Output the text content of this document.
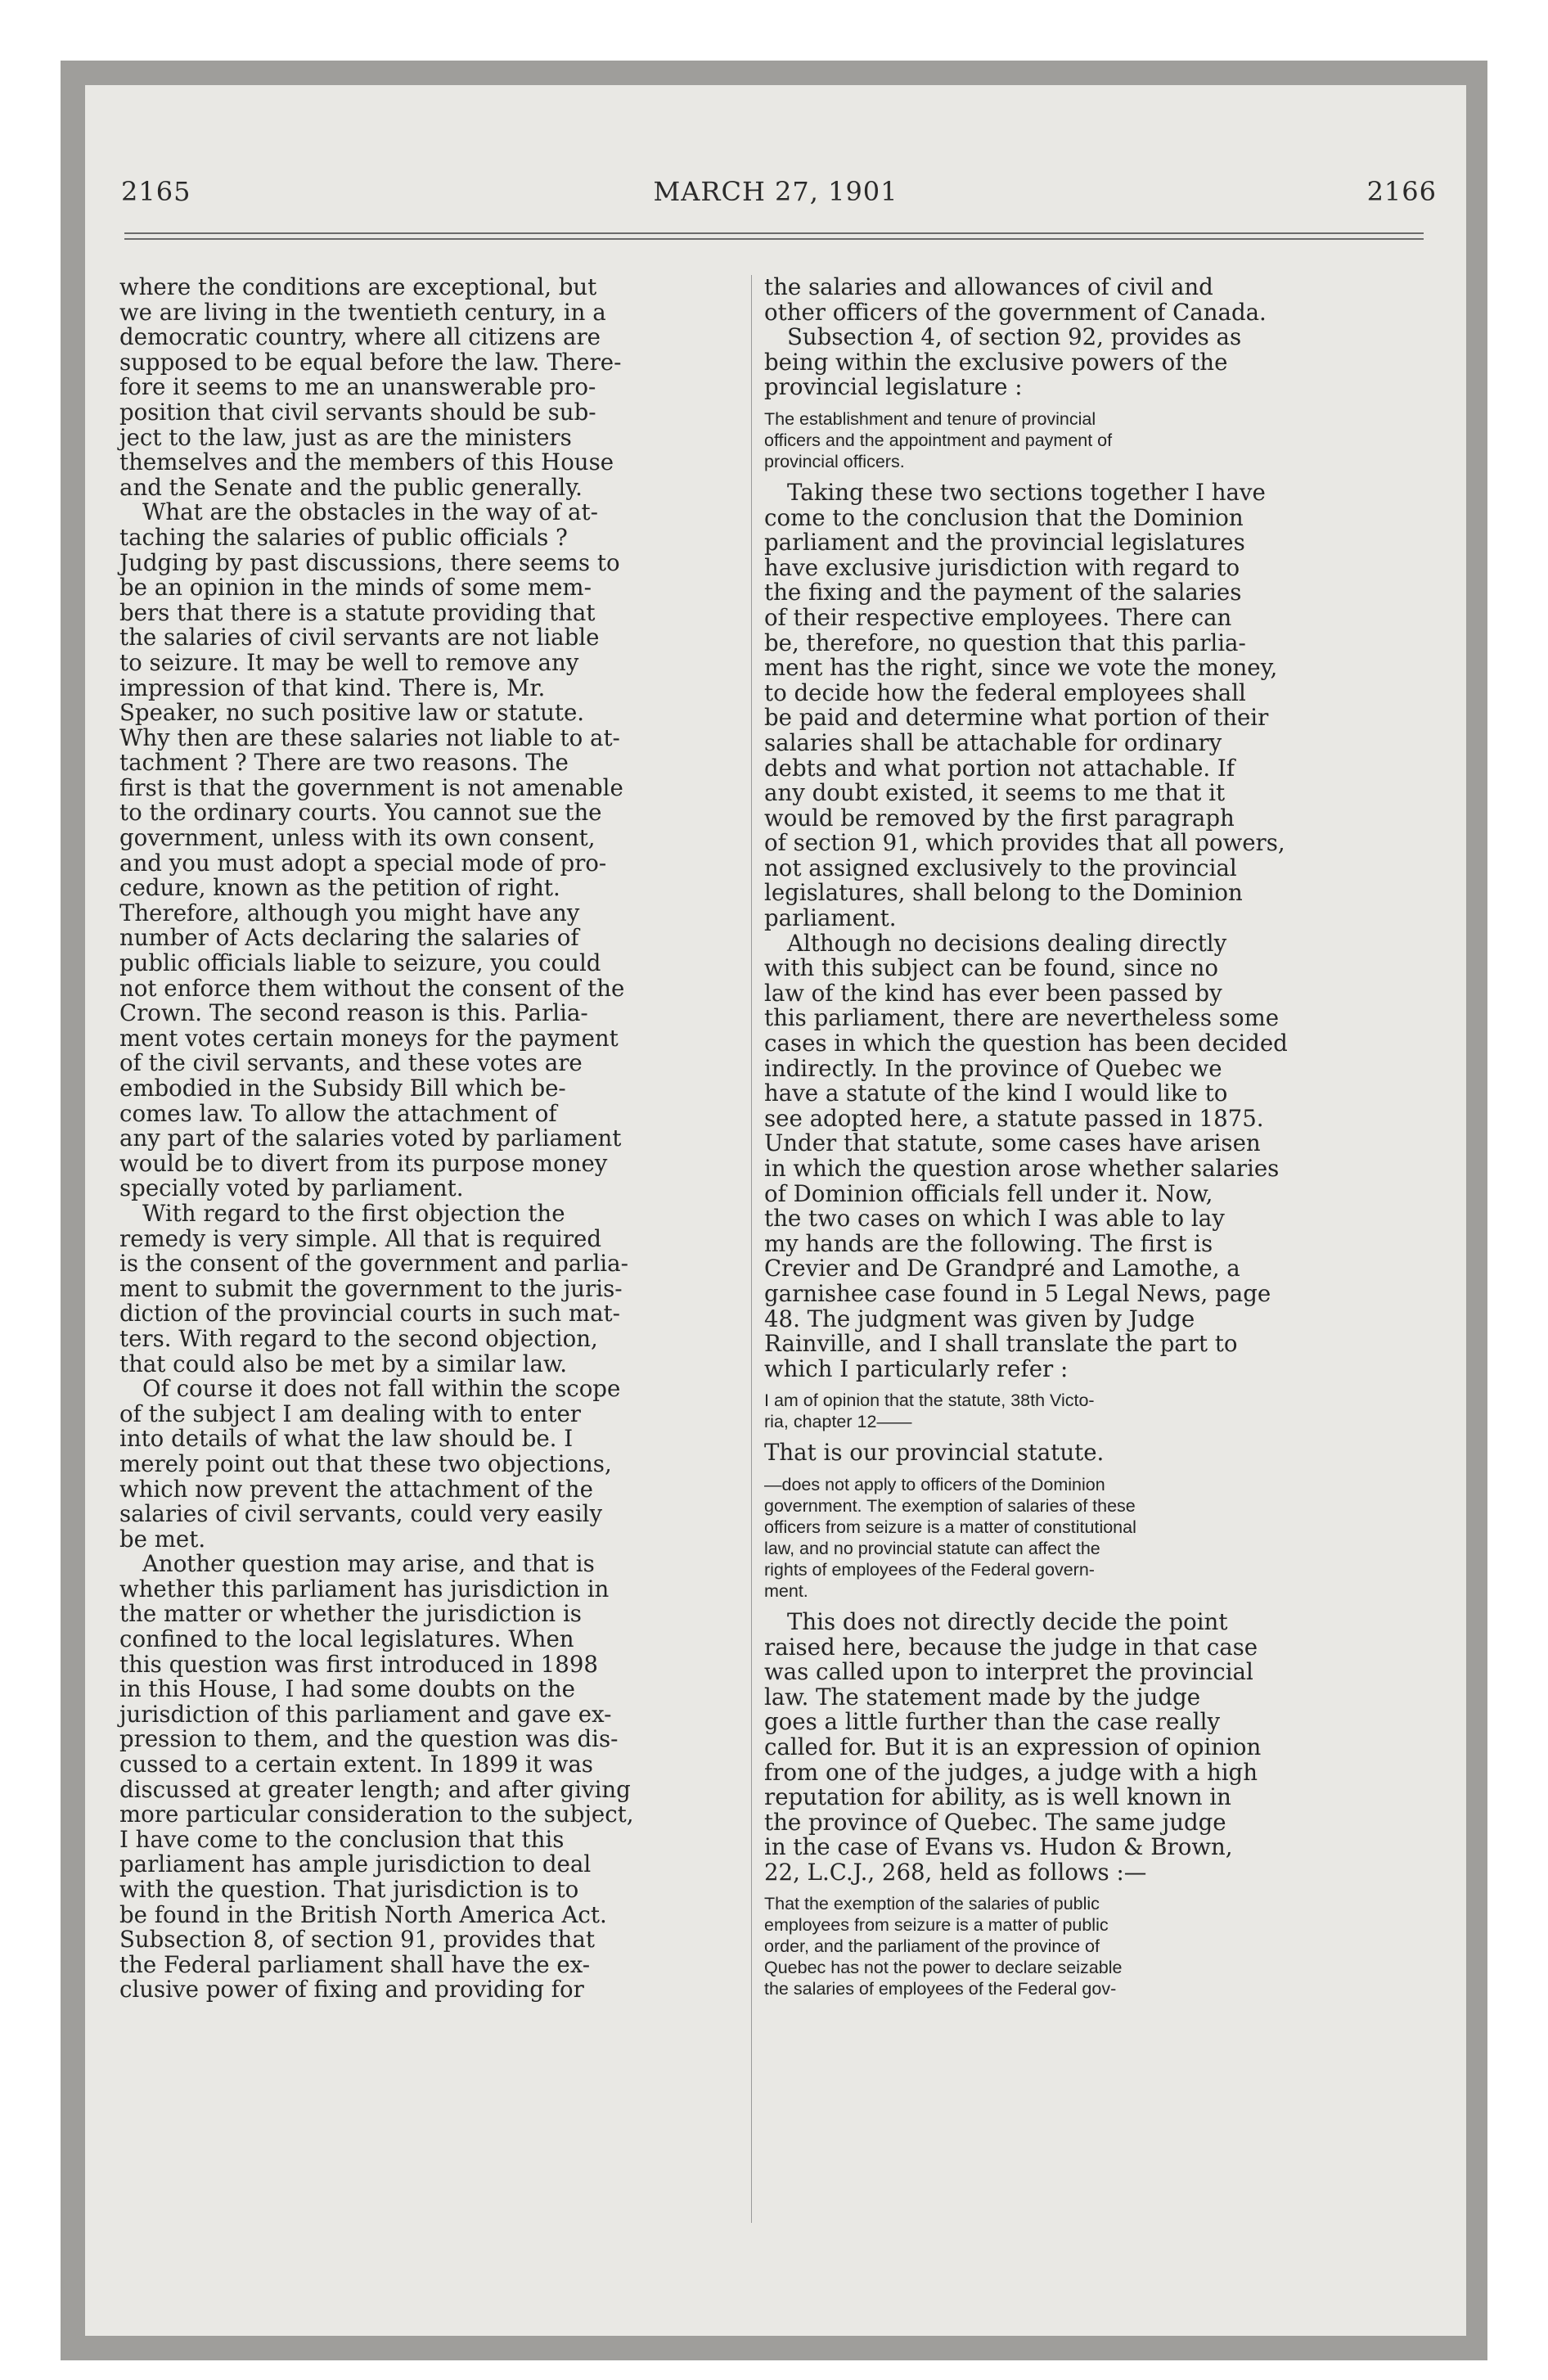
2165	MARCH 27, 1901	2166

where the conditions are exceptional, but
we are living in the twentieth century, in a
democratic country, where all citizens are
supposed to be equal before the law. There-
fore it seems to me an unanswerable pro-
position that civil servants should be sub-
ject to the law, just as are the ministers
themselves and the members of this House
and the Senate and the public generally.

What are the obstacles in the way of at-
taching the salaries of public officials ?
Judging by past discussions, there seems to
be an opinion in the minds of some mem-
bers that there is a statute providing that
the salaries of civil servants are not liable
to seizure. It may be well to remove any
impression of that kind. There is, Mr.
Speaker, no such positive law or statute.
Why then are these salaries not liable to at-
tachment ? There are two reasons. The
first is that the government is not amenable
to the ordinary courts. You cannot sue the
government, unless with its own consent,
and you must adopt a special mode of pro-
cedure, known as the petition of right.
Therefore, although you might have any
number of Acts declaring the salaries of
public officials liable to seizure, you could
not enforce them without the consent of the
Crown. The second reason is this. Parlia-
ment votes certain moneys for the payment
of the civil servants, and these votes are
embodied in the Subsidy Bill which be-
comes law. To allow the attachment of
any part of the salaries voted by parliament
would be to divert from its purpose money
specially voted by parliament.

With regard to the first objection the
remedy is very simple. All that is required
is the consent of the government and parlia-
ment to submit the government to the juris-
diction of the provincial courts in such mat-
ters. With regard to the second objection,
that could also be met by a similar law.

Of course it does not fall within the scope
of the subject I am dealing with to enter
into details of what the law should be. I
merely point out that these two objections,
which now prevent the attachment of the
salaries of civil servants, could very easily
be met.

Another question may arise, and that is
whether this parliament has jurisdiction in
the matter or whether the jurisdiction is
confined to the local legislatures. When
this question was first introduced in 1898
in this House, I had some doubts on the
jurisdiction of this parliament and gave ex-
pression to them, and the question was dis-
cussed to a certain extent. In 1899 it was
discussed at greater length; and after giving
more particular consideration to the subject,
I have come to the conclusion that this
parliament has ample jurisdiction to deal
with the question. That jurisdiction is to
be found in the British North America Act.
Subsection 8, of section 91, provides that
the Federal parliament shall have the ex-
clusive power of fixing and providing for

the salaries and allowances of civil and
other officers of the government of Canada.

Subsection 4, of section 92, provides as
being within the exclusive powers of the
provincial legislature :

The establishment and tenure of provincial
officers and the appointment and payment of
provincial officers.

Taking these two sections together I have
come to the conclusion that the Dominion
parliament and the provincial legislatures
have exclusive jurisdiction with regard to
the fixing and the payment of the salaries
of their respective employees. There can
be, therefore, no question that this parlia-
ment has the right, since we vote the money,
to decide how the federal employees shall
be paid and determine what portion of their
salaries shall be attachable for ordinary
debts and what portion not attachable. If
any doubt existed, it seems to me that it
would be removed by the first paragraph
of section 91, which provides that all powers,
not assigned exclusively to the provincial
legislatures, shall belong to the Dominion
parliament.

Although no decisions dealing directly
with this subject can be found, since no
law of the kind has ever been passed by
this parliament, there are nevertheless some
cases in which the question has been decided
indirectly. In the province of Quebec we
have a statute of the kind I would like to
see adopted here, a statute passed in 1875.
Under that statute, some cases have arisen
in which the question arose whether salaries
of Dominion officials fell under it. Now,
the two cases on which I was able to lay
my hands are the following. The first is
Crevier and De Grandpré and Lamothe, a
garnishee case found in 5 Legal News, page
48. The judgment was given by Judge
Rainville, and I shall translate the part to
which I particularly refer :

I am of opinion that the statute, 38th Victo-
ria, chapter 12——

That is our provincial statute.

—does not apply to officers of the Dominion
government. The exemption of salaries of these
officers from seizure is a matter of constitutional
law, and no provincial statute can affect the
rights of employees of the Federal govern-
ment.

This does not directly decide the point
raised here, because the judge in that case
was called upon to interpret the provincial
law. The statement made by the judge
goes a little further than the case really
called for. But it is an expression of opinion
from one of the judges, a judge with a high
reputation for ability, as is well known in
the province of Quebec. The same judge
in the case of Evans vs. Hudon & Brown,
22, L.C.J., 268, held as follows :—

That the exemption of the salaries of public
employees from seizure is a matter of public
order, and the parliament of the province of
Quebec has not the power to declare seizable
the salaries of employees of the Federal gov-
